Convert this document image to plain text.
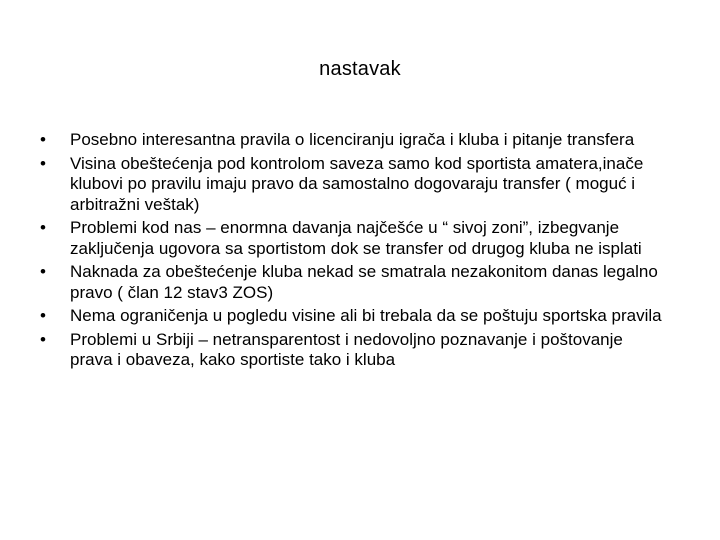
nastavak
•	Posebno interesantna pravila o licenciranju igrača i kluba i pitanje transfera
•	Visina obeštećenja pod kontrolom saveza samo kod sportista amatera,inače klubovi po pravilu imaju pravo da samostalno dogovaraju transfer ( moguć i arbitražni veštak)
•	Problemi kod nas – enormna davanja najčešće u “ sivoj zoni”, izbegvanje zaključenja ugovora sa sportistom dok se transfer od drugog kluba ne isplati
•	Naknada za obeštećenje kluba nekad se smatrala nezakonitom danas legalno pravo ( član 12 stav3 ZOS)
•	Nema ograničenja u pogledu visine ali bi trebala da se poštuju sportska pravila
•	Problemi u Srbiji – netransparentost i nedovoljno poznavanje i poštovanje prava i obaveza, kako sportiste tako i kluba
